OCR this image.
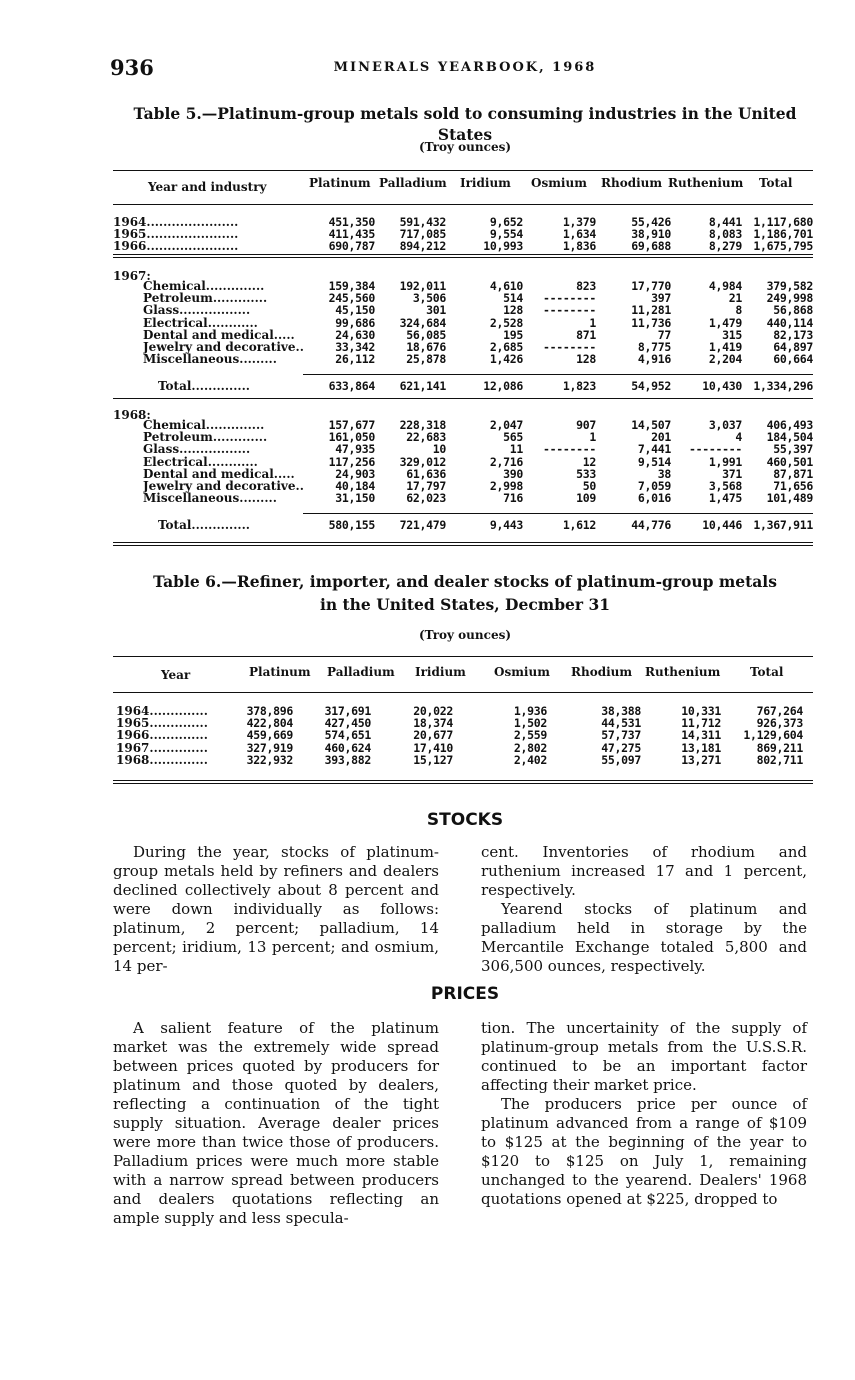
936	MINERALS YEARBOOK, 1968
Table 5.—Platinum-group metals sold to consuming industries in the United States
(Troy ounces)
Year and industry	Platinum Palladium Iridium Osmium Rhodium Ruthenium Total
1964......................	451,350 591,432	9,652	1,379	55,426	8,441 1,117,680
1965......................	411,435 717,085	9,554	1,634	38,910	8,083 1,186,701
1966......................	690,787 894,212	10,993	1,836	69,688	8,279 1,675,795
1967:
Chemical..............	159,384 192,011	4,610	823	17,770	4,984 379,582
Petroleum.............	245,560	3,506	514 --------	397	21 249,998
Glass.................	45,150	301	128 --------	11,281	8	56,868
Electrical............	99,686 324,684	2,528	1	11,736	1,479 440,114
Dental and medical.....	24,630	56,085	195	871	77	315	82,173
Jewelry and decorative..	33,342	18,676	2,685 --------	8,775	1,419	64,897
Miscellaneous.........	26,112	25,878	1,426	128	4,916	2,204	60,664
Total..............	633,864 621,141	12,086	1,823	54,952	10,430 1,334,296
1968:
Chemical..............	157,677 228,318	2,047	907	14,507	3,037 406,493
Petroleum.............	161,050	22,683	565	1	201	4 184,504
Glass.................	47,935	10	11 --------	7,441 --------	55,397
Electrical............	117,256 329,012	2,716	12	9,514	1,991 460,501
Dental and medical.....	24,903	61,636	390	533	38	371	87,871
Jewelry and decorative..	40,184	17,797	2,998	50	7,059	3,568	71,656
Miscellaneous.........	31,150	62,023	716	109	6,016	1,475 101,489
Total..............	580,155 721,479	9,443	1,612	44,776	10,446 1,367,911
Table 6.—Refiner, importer, and dealer stocks of platinum-group metals
in the United States, Decmber 31
(Troy ounces)
Year	Platinum Palladium Iridium Osmium Rhodium Ruthenium Total
1964..............	378,896	317,691	20,022	1,936	38,388	10,331	767,264
1965..............	422,804	427,450	18,374	1,502	44,531	11,712	926,373
1966..............	459,669	574,651	20,677	2,559	57,737	14,311 1,129,604
1967..............	327,919	460,624	17,410	2,802	47,275	13,181	869,211
1968..............	322,932	393,882	15,127	2,402	55,097	13,271	802,711
STOCKS

During the year, stocks of platinum-group metals held by refiners and dealers declined collectively about 8 percent and were down individually as follows: platinum, 2 percent; palladium, 14 percent; iridium, 13 percent; and osmium, 14 per-

cent. Inventories of rhodium and ruthenium increased 17 and 1 percent, respectively.

Yearend stocks of platinum and palladium held in storage by the Mercantile Exchange totaled 5,800 and 306,500 ounces, respectively.

PRICES

A salient feature of the platinum market was the extremely wide spread between prices quoted by producers for platinum and those quoted by dealers, reflecting a continuation of the tight supply situation. Average dealer prices were more than twice those of producers. Palladium prices were much more stable with a narrow spread between producers and dealers quotations reflecting an ample supply and less specula-

tion. The uncertainity of the supply of platinum-group metals from the U.S.S.R. continued to be an important factor affecting their market price.

The producers price per ounce of platinum advanced from a range of $109 to $125 at the beginning of the year to $120 to $125 on July 1, remaining unchanged to the yearend. Dealers' 1968 quotations opened at $225, dropped to
